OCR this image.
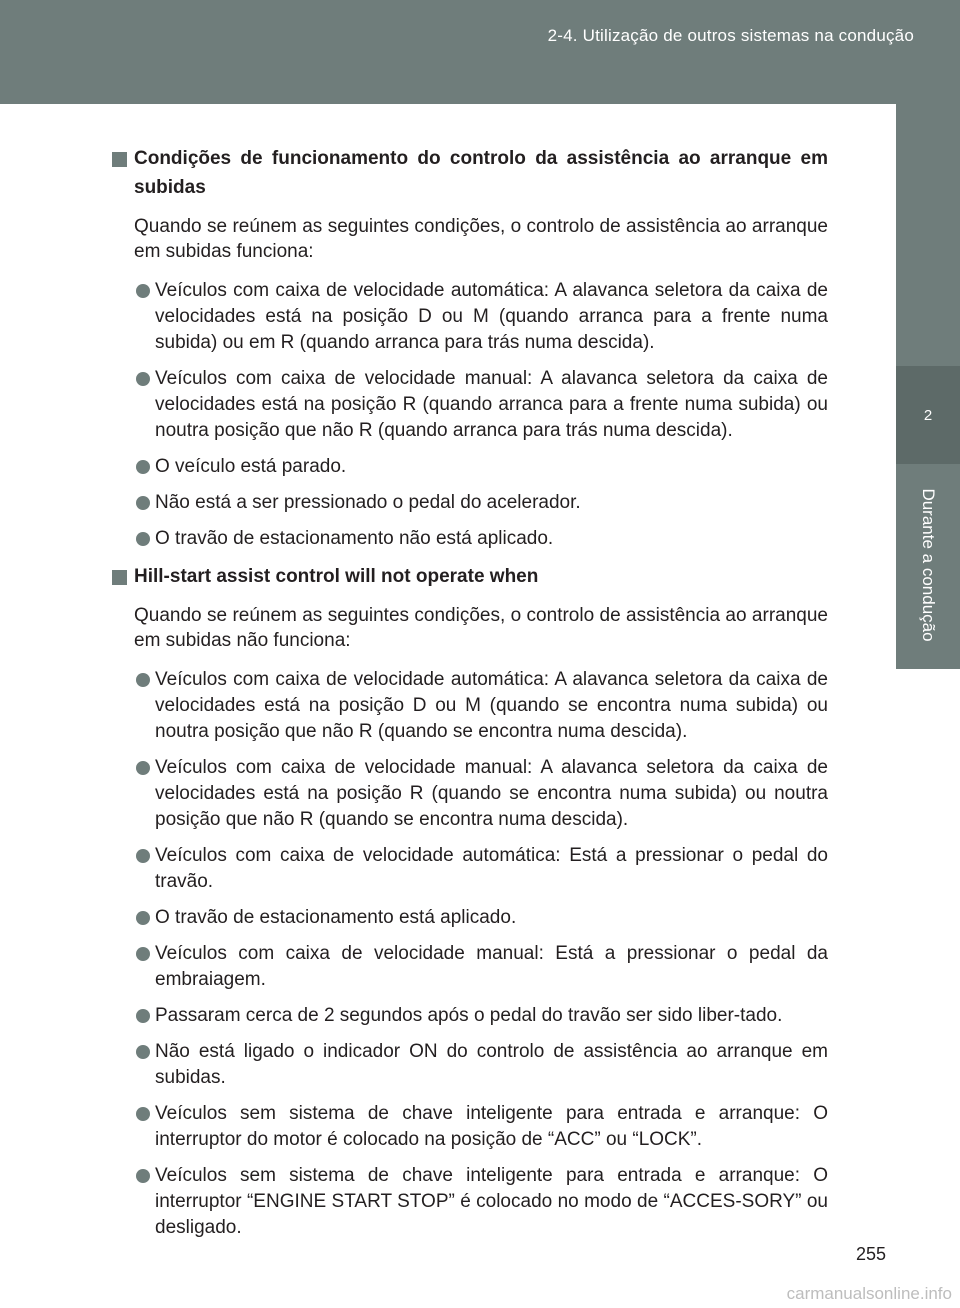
2-4. Utilização de outros sistemas na condução
2
Durante a condução
Condições de funcionamento do controlo da assistência ao arranque em subidas
Quando se reúnem as seguintes condições, o controlo de assistência ao arranque em subidas funciona:
Veículos com caixa de velocidade automática: A alavanca seletora da caixa de velocidades está na posição D ou M (quando arranca para a frente numa subida) ou em R (quando arranca para trás numa descida).
Veículos com caixa de velocidade manual: A alavanca seletora da caixa de velocidades está na posição R (quando arranca para a frente numa subida) ou noutra posição que não R (quando arranca para trás numa descida).
O veículo está parado.
Não está a ser pressionado o pedal do acelerador.
O travão de estacionamento não está aplicado.
Hill-start assist control will not operate when
Quando se reúnem as seguintes condições, o controlo de assistência ao arranque em subidas não funciona:
Veículos com caixa de velocidade automática: A alavanca seletora da caixa de velocidades está na posição D ou M (quando se encontra numa subida) ou noutra posição que não R (quando se encontra numa descida).
Veículos com caixa de velocidade manual: A alavanca seletora da caixa de velocidades está na posição R (quando se encontra numa subida) ou noutra posição que não R (quando se encontra numa descida).
Veículos com caixa de velocidade automática: Está a pressionar o pedal do travão.
O travão de estacionamento está aplicado.
Veículos com caixa de velocidade manual: Está a pressionar o pedal da embraiagem.
Passaram cerca de 2 segundos após o pedal do travão ser sido liber-tado.
Não está ligado o indicador ON do controlo de assistência ao arranque em subidas.
Veículos sem sistema de chave inteligente para entrada e arranque: O interruptor do motor é colocado na posição de “ACC” ou “LOCK”.
Veículos sem sistema de chave inteligente para entrada e arranque: O interruptor “ENGINE START STOP” é colocado no modo de “ACCES-SORY” ou desligado.
255
carmanualsonline.info
